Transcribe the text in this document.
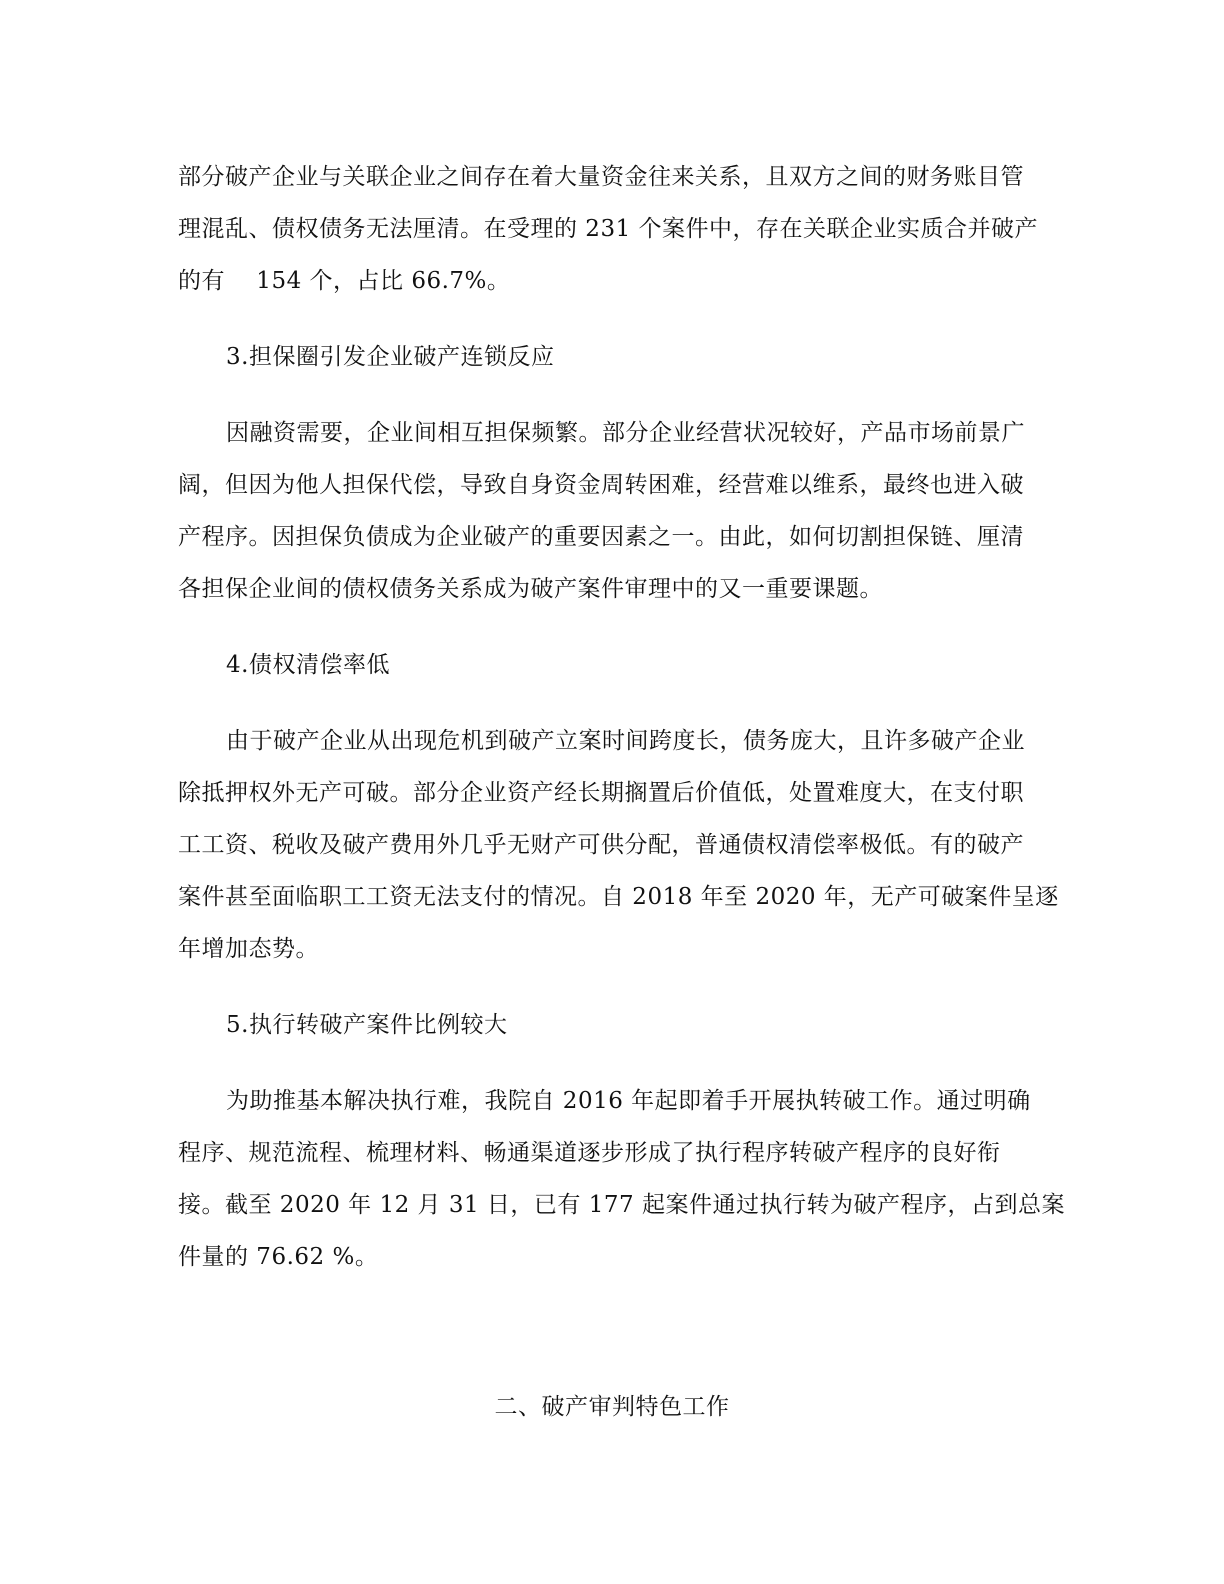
部分破产企业与关联企业之间存在着大量资金往来关系，且双方之间的财务账目管
理混乱、债权债务无法厘清。在受理的 231 个案件中，存在关联企业实质合并破产
的有　 154 个，占比 66.7%。
3.担保圈引发企业破产连锁反应
因融资需要，企业间相互担保频繁。部分企业经营状况较好，产品市场前景广
阔，但因为他人担保代偿，导致自身资金周转困难，经营难以维系，最终也进入破
产程序。因担保负债成为企业破产的重要因素之一。由此，如何切割担保链、厘清
各担保企业间的债权债务关系成为破产案件审理中的又一重要课题。
4.债权清偿率低
由于破产企业从出现危机到破产立案时间跨度长，债务庞大，且许多破产企业
除抵押权外无产可破。部分企业资产经长期搁置后价值低，处置难度大，在支付职
工工资、税收及破产费用外几乎无财产可供分配，普通债权清偿率极低。有的破产
案件甚至面临职工工资无法支付的情况。自 2018 年至 2020 年，无产可破案件呈逐
年增加态势。
5.执行转破产案件比例较大
为助推基本解决执行难，我院自 2016 年起即着手开展执转破工作。通过明确
程序、规范流程、梳理材料、畅通渠道逐步形成了执行程序转破产程序的良好衔
接。截至 2020 年 12 月 31 日，已有 177 起案件通过执行转为破产程序，占到总案
件量的 76.62 %。
二、破产审判特色工作
